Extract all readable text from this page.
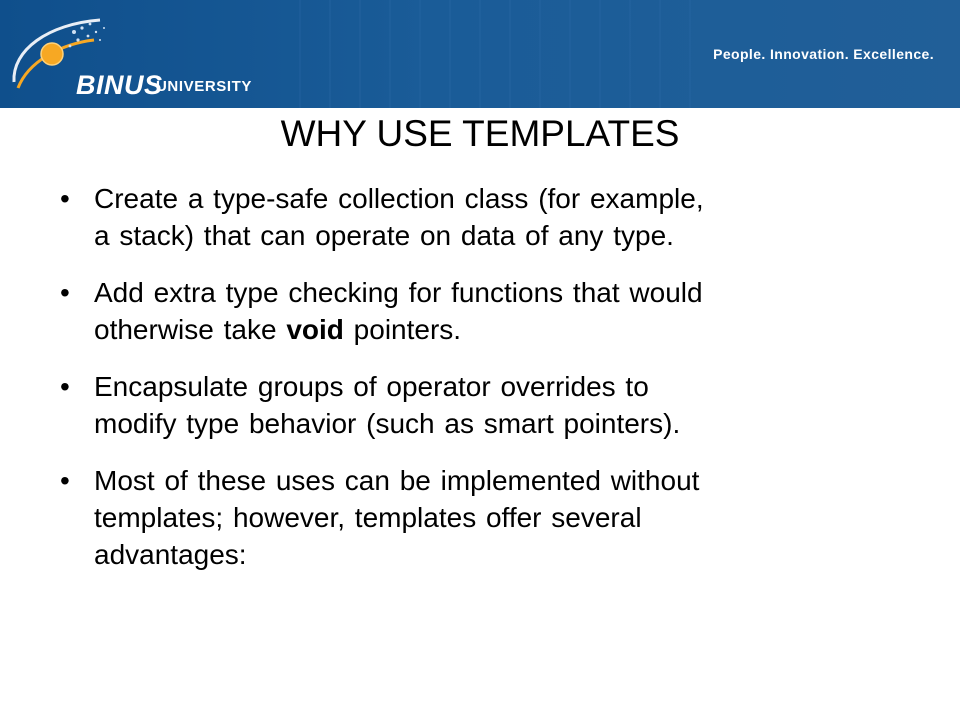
BINUS
UNIVERSITY
People. Innovation. Excellence.
WHY USE TEMPLATES
• Create a type-safe collection class (for example,
a stack) that can operate on data of any type.
• Add extra type checking for functions that would
otherwise take void pointers.
• Encapsulate groups of operator overrides to
modify type behavior (such as smart pointers).
• Most of these uses can be implemented without
templates; however, templates offer several
advantages:
